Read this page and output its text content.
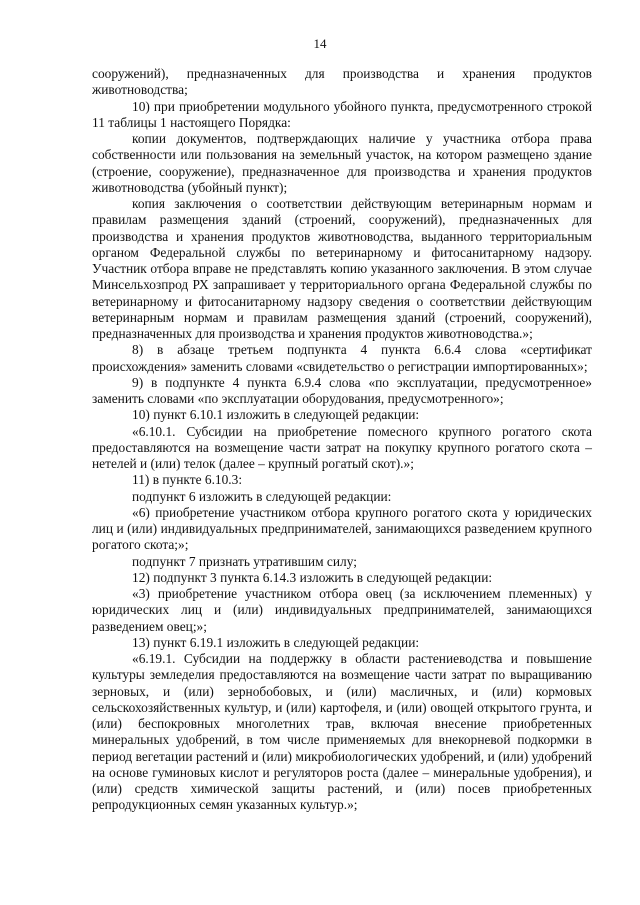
14

сооружений), предназначенных для производства и хранения продуктов животноводства;

10) при приобретении модульного убойного пункта, предусмотренного строкой 11 таблицы 1 настоящего Порядка:

копии документов, подтверждающих наличие у участника отбора права собственности или пользования на земельный участок, на котором размещено здание (строение, сооружение), предназначенное для производства и хранения продуктов животноводства (убойный пункт);

копия заключения о соответствии действующим ветеринарным нормам и правилам размещения зданий (строений, сооружений), предназначенных для производства и хранения продуктов животноводства, выданного территориальным органом Федеральной службы по ветеринарному и фитосанитарному надзору. Участник отбора вправе не представлять копию указанного заключения. В этом случае Минсельхозпрод РХ запрашивает у территориального органа Федеральной службы по ветеринарному и фитосанитарному надзору сведения о соответствии действующим ветеринарным нормам и правилам размещения зданий (строений, сооружений), предназначенных для производства и хранения продуктов животноводства.»;

8) в абзаце третьем подпункта 4 пункта 6.6.4 слова «сертификат происхождения» заменить словами «свидетельство о регистрации импортированных»;

9) в подпункте 4 пункта 6.9.4 слова «по эксплуатации, предусмотренное» заменить словами «по эксплуатации оборудования, предусмотренного»;

10) пункт 6.10.1 изложить в следующей редакции:

«6.10.1. Субсидии на приобретение помесного крупного рогатого скота предоставляются на возмещение части затрат на покупку крупного рогатого скота – нетелей и (или) телок (далее – крупный рогатый скот).»;

11) в пункте 6.10.3:

подпункт 6 изложить в следующей редакции:

«6) приобретение участником отбора крупного рогатого скота у юридических лиц и (или) индивидуальных предпринимателей, занимающихся разведением крупного рогатого скота;»;

подпункт 7 признать утратившим силу;

12) подпункт 3 пункта 6.14.3 изложить в следующей редакции:

«3) приобретение участником отбора овец (за исключением племенных) у юридических лиц и (или) индивидуальных предпринимателей, занимающихся разведением овец;»;

13) пункт 6.19.1 изложить в следующей редакции:

«6.19.1. Субсидии на поддержку в области растениеводства и повышение культуры земледелия предоставляются на возмещение части затрат по выращиванию зерновых, и (или) зернобобовых, и (или) масличных, и (или) кормовых сельскохозяйственных культур, и (или) картофеля, и (или) овощей открытого грунта, и (или) беспокровных многолетних трав, включая внесение приобретенных минеральных удобрений, в том числе применяемых для внекорневой подкормки в период вегетации растений и (или) микробиологических удобрений, и (или) удобрений на основе гуминовых кислот и регуляторов роста (далее – минеральные удобрения), и (или) средств химической защиты растений, и (или) посев приобретенных репродукционных семян указанных культур.»;
